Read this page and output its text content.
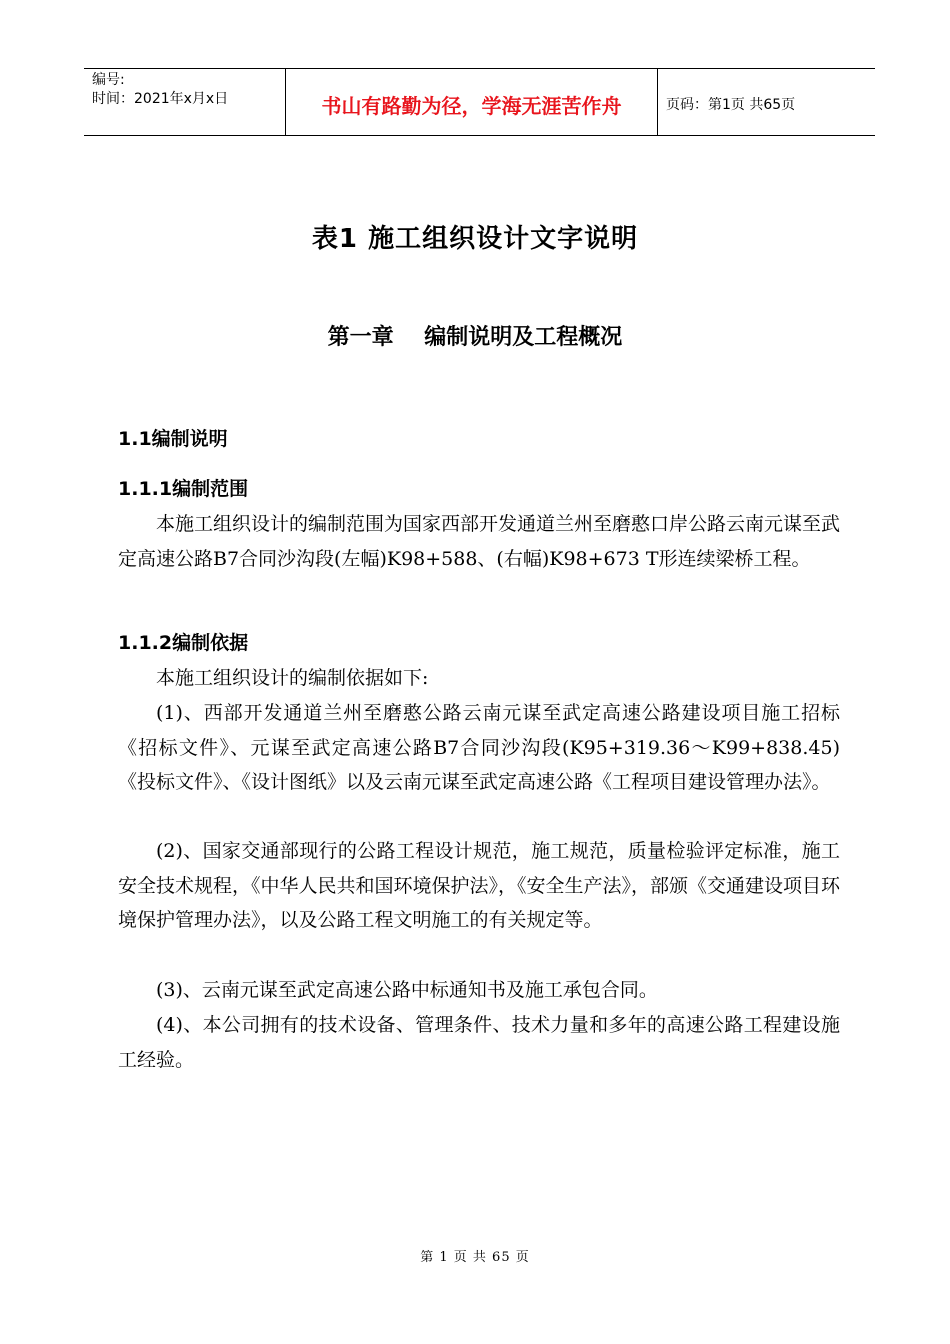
编号:
时间：2021年x月x日	书山有路勤为径，学海无涯苦作舟	页码：第1页 共65页
表1 施工组织设计文字说明
第一章    编制说明及工程概况
1.1编制说明
1.1.1编制范围
本施工组织设计的编制范围为国家西部开发通道兰州至磨憨口岸公路云南元谋至武定高速公路B7合同沙沟段(左幅)K98+588、(右幅)K98+673 T形连续梁桥工程。
1.1.2编制依据
本施工组织设计的编制依据如下:
(1)、西部开发通道兰州至磨憨公路云南元谋至武定高速公路建设项目施工招标《招标文件》、元谋至武定高速公路B7合同沙沟段(K95+319.36～K99+838.45)《投标文件》、《设计图纸》以及云南元谋至武定高速公路《工程项目建设管理办法》。
(2)、国家交通部现行的公路工程设计规范，施工规范，质量检验评定标准，施工安全技术规程，《中华人民共和国环境保护法》，《安全生产法》，部颁《交通建设项目环境保护管理办法》，以及公路工程文明施工的有关规定等。
(3)、云南元谋至武定高速公路中标通知书及施工承包合同。
(4)、本公司拥有的技术设备、管理条件、技术力量和多年的高速公路工程建设施工经验。
第 1 页 共 65 页
